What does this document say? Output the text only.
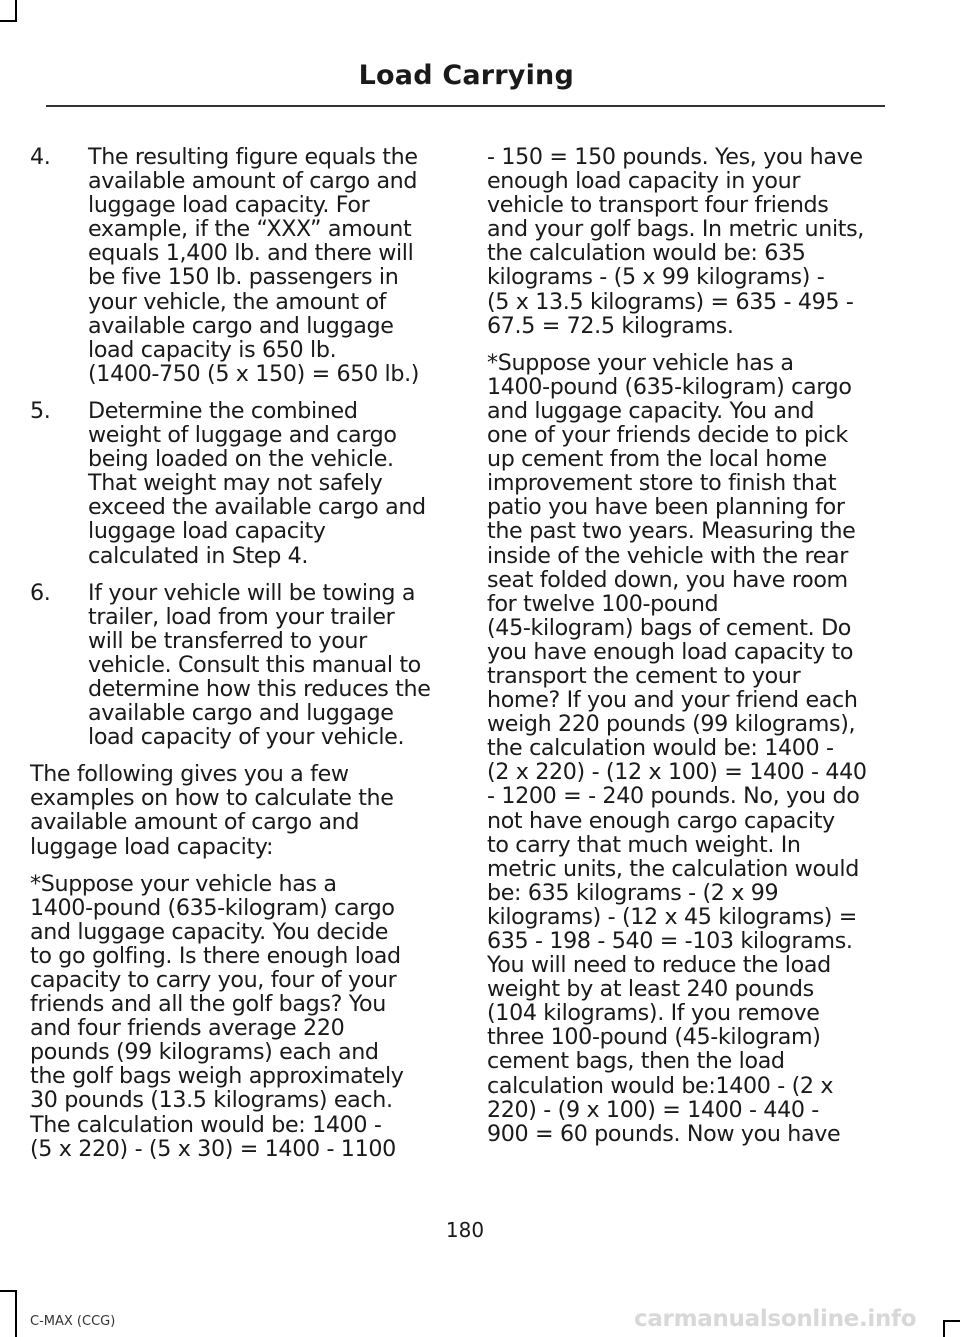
Load Carrying
4. The resulting figure equals the
available amount of cargo and
luggage load capacity. For
example, if the “XXX” amount
equals 1,400 lb. and there will
be five 150 lb. passengers in
your vehicle, the amount of
available cargo and luggage
load capacity is 650 lb.
(1400-750 (5 x 150) = 650 lb.)
5. Determine the combined
weight of luggage and cargo
being loaded on the vehicle.
That weight may not safely
exceed the available cargo and
luggage load capacity
calculated in Step 4.
6. If your vehicle will be towing a
trailer, load from your trailer
will be transferred to your
vehicle. Consult this manual to
determine how this reduces the
available cargo and luggage
load capacity of your vehicle.
The following gives you a few
examples on how to calculate the
available amount of cargo and
luggage load capacity:
*Suppose your vehicle has a
1400-pound (635-kilogram) cargo
and luggage capacity. You decide
to go golfing. Is there enough load
capacity to carry you, four of your
friends and all the golf bags? You
and four friends average 220
pounds (99 kilograms) each and
the golf bags weigh approximately
30 pounds (13.5 kilograms) each.
The calculation would be: 1400 -
(5 x 220) - (5 x 30) = 1400 - 1100
- 150 = 150 pounds. Yes, you have
enough load capacity in your
vehicle to transport four friends
and your golf bags. In metric units,
the calculation would be: 635
kilograms - (5 x 99 kilograms) -
(5 x 13.5 kilograms) = 635 - 495 -
67.5 = 72.5 kilograms.
*Suppose your vehicle has a
1400-pound (635-kilogram) cargo
and luggage capacity. You and
one of your friends decide to pick
up cement from the local home
improvement store to finish that
patio you have been planning for
the past two years. Measuring the
inside of the vehicle with the rear
seat folded down, you have room
for twelve 100-pound
(45-kilogram) bags of cement. Do
you have enough load capacity to
transport the cement to your
home? If you and your friend each
weigh 220 pounds (99 kilograms),
the calculation would be: 1400 -
(2 x 220) - (12 x 100) = 1400 - 440
- 1200 = - 240 pounds. No, you do
not have enough cargo capacity
to carry that much weight. In
metric units, the calculation would
be: 635 kilograms - (2 x 99
kilograms) - (12 x 45 kilograms) =
635 - 198 - 540 = -103 kilograms.
You will need to reduce the load
weight by at least 240 pounds
(104 kilograms). If you remove
three 100-pound (45-kilogram)
cement bags, then the load
calculation would be:1400 - (2 x
220) - (9 x 100) = 1400 - 440 -
900 = 60 pounds. Now you have
180
C-MAX (CCG)	carmanualsonline.info
